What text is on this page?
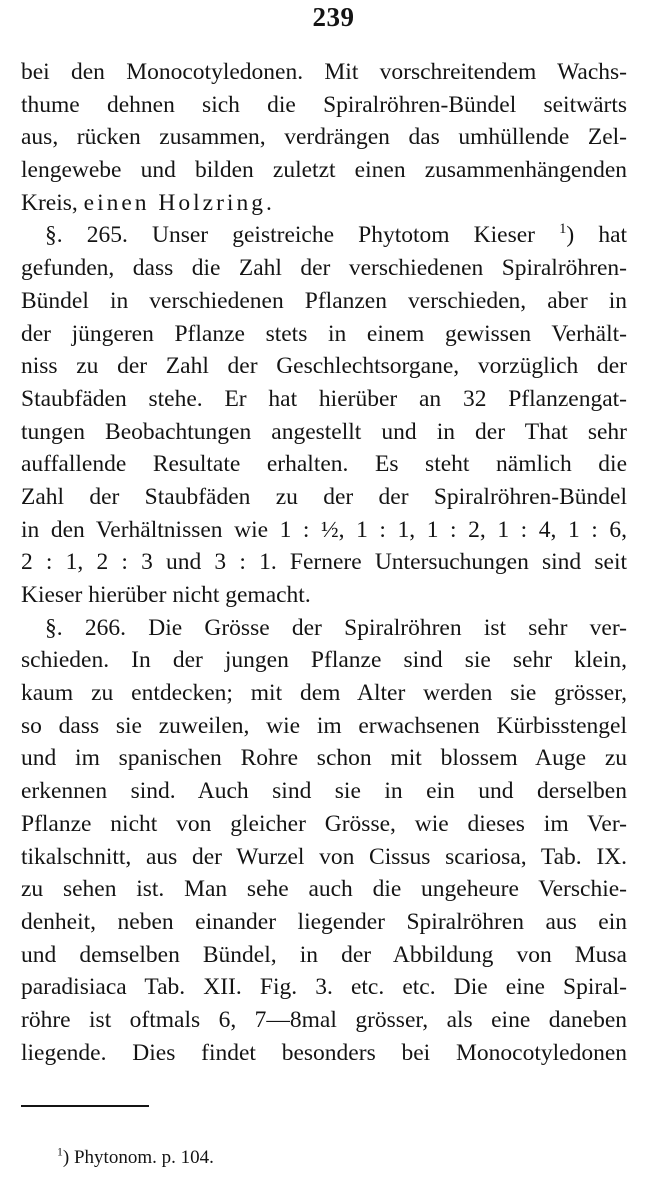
239
bei den Monocotyledonen. Mit vorschreitendem Wachs-
thume dehnen sich die Spiralröhren-Bündel seitwärts
aus, rücken zusammen, verdrängen das umhüllende Zel-
lengewebe und bilden zuletzt einen zusammenhängenden
Kreis, einen Holzring.
§. 265. Unser geistreiche Phytotom Kieser $^1$) hat
gefunden, dass die Zahl der verschiedenen Spiralröhren-
Bündel in verschiedenen Pflanzen verschieden, aber in
der jüngeren Pflanze stets in einem gewissen Verhält-
niss zu der Zahl der Geschlechtsorgane, vorzüglich der
Staubfäden stehe. Er hat hierüber an 32 Pflanzengat-
tungen Beobachtungen angestellt und in der That sehr
auffallende Resultate erhalten. Es steht nämlich die
Zahl der Staubfäden zu der der Spiralröhren-Bündel
in den Verhältnissen wie 1 : ½, 1 : 1, 1 : 2, 1 : 4, 1 : 6,
2 : 1, 2 : 3 und 3 : 1. Fernere Untersuchungen sind seit
Kieser hierüber nicht gemacht.
§. 266. Die Grösse der Spiralröhren ist sehr ver-
schieden. In der jungen Pflanze sind sie sehr klein,
kaum zu entdecken; mit dem Alter werden sie grösser,
so dass sie zuweilen, wie im erwachsenen Kürbisstengel
und im spanischen Rohre schon mit blossem Auge zu
erkennen sind. Auch sind sie in ein und derselben
Pflanze nicht von gleicher Grösse, wie dieses im Ver-
tikalschnitt, aus der Wurzel von Cissus scariosa, Tab. IX.
zu sehen ist. Man sehe auch die ungeheure Verschie-
denheit, neben einander liegender Spiralröhren aus ein
und demselben Bündel, in der Abbildung von Musa
paradisiaca Tab. XII. Fig. 3. etc. etc. Die eine Spiral-
röhre ist oftmals 6, 7—8mal grösser, als eine daneben
liegende. Dies findet besonders bei Monocotyledonen
$^1$) Phytonom. p. 104.
